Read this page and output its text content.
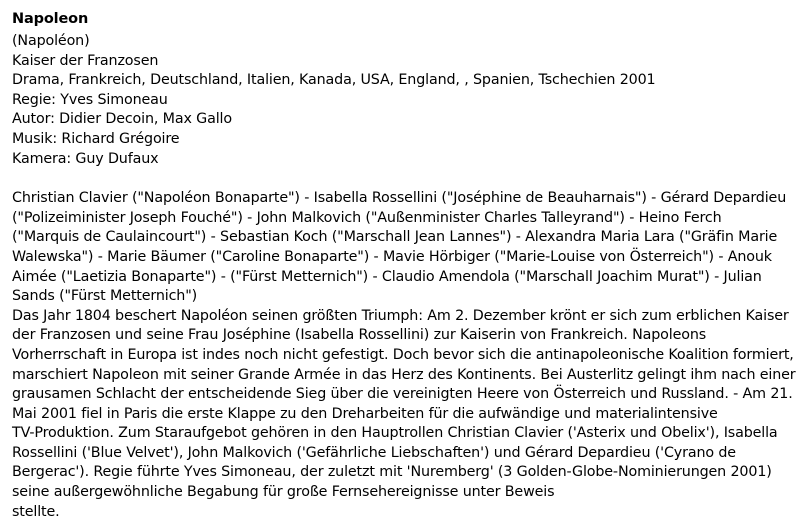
Napoleon
(Napoléon)
Kaiser der Franzosen
Drama, Frankreich, Deutschland, Italien, Kanada, USA, England, , Spanien, Tschechien 2001
Regie: Yves Simoneau
Autor: Didier Decoin, Max Gallo
Musik: Richard Grégoire
Kamera: Guy Dufaux
Christian Clavier ("Napoléon Bonaparte") - Isabella Rossellini ("Joséphine de Beauharnais") - Gérard Depardieu
("Polizeiminister Joseph Fouché") - John Malkovich ("Außenminister Charles Talleyrand") - Heino Ferch
("Marquis de Caulaincourt") - Sebastian Koch ("Marschall Jean Lannes") - Alexandra Maria Lara ("Gräfin Marie
Walewska") - Marie Bäumer ("Caroline Bonaparte") - Mavie Hörbiger ("Marie-Louise von Österreich") - Anouk
Aimée ("Laetizia Bonaparte") - ("Fürst Metternich") - Claudio Amendola ("Marschall Joachim Murat") - Julian
Sands ("Fürst Metternich")
Das Jahr 1804 beschert Napoléon seinen größten Triumph: Am 2. Dezember krönt er sich zum erblichen Kaiser
der Franzosen und seine Frau Joséphine (Isabella Rossellini) zur Kaiserin von Frankreich. Napoleons
Vorherrschaft in Europa ist indes noch nicht gefestigt. Doch bevor sich die antinapoleonische Koalition formiert,
marschiert Napoleon mit seiner Grande Armée in das Herz des Kontinents. Bei Austerlitz gelingt ihm nach einer
grausamen Schlacht der entscheidende Sieg über die vereinigten Heere von Österreich und Russland. - Am 21.
Mai 2001 fiel in Paris die erste Klappe zu den Dreharbeiten für die aufwändige und materialintensive
TV-Produktion. Zum Staraufgebot gehören in den Hauptrollen Christian Clavier ('Asterix und Obelix'), Isabella
Rossellini ('Blue Velvet'), John Malkovich ('Gefährliche Liebschaften') und Gérard Depardieu ('Cyrano de
Bergerac'). Regie führte Yves Simoneau, der zuletzt mit 'Nuremberg' (3 Golden-Globe-Nominierungen 2001)
seine außergewöhnliche Begabung für große Fernsehereignisse unter Beweis
stellte.
